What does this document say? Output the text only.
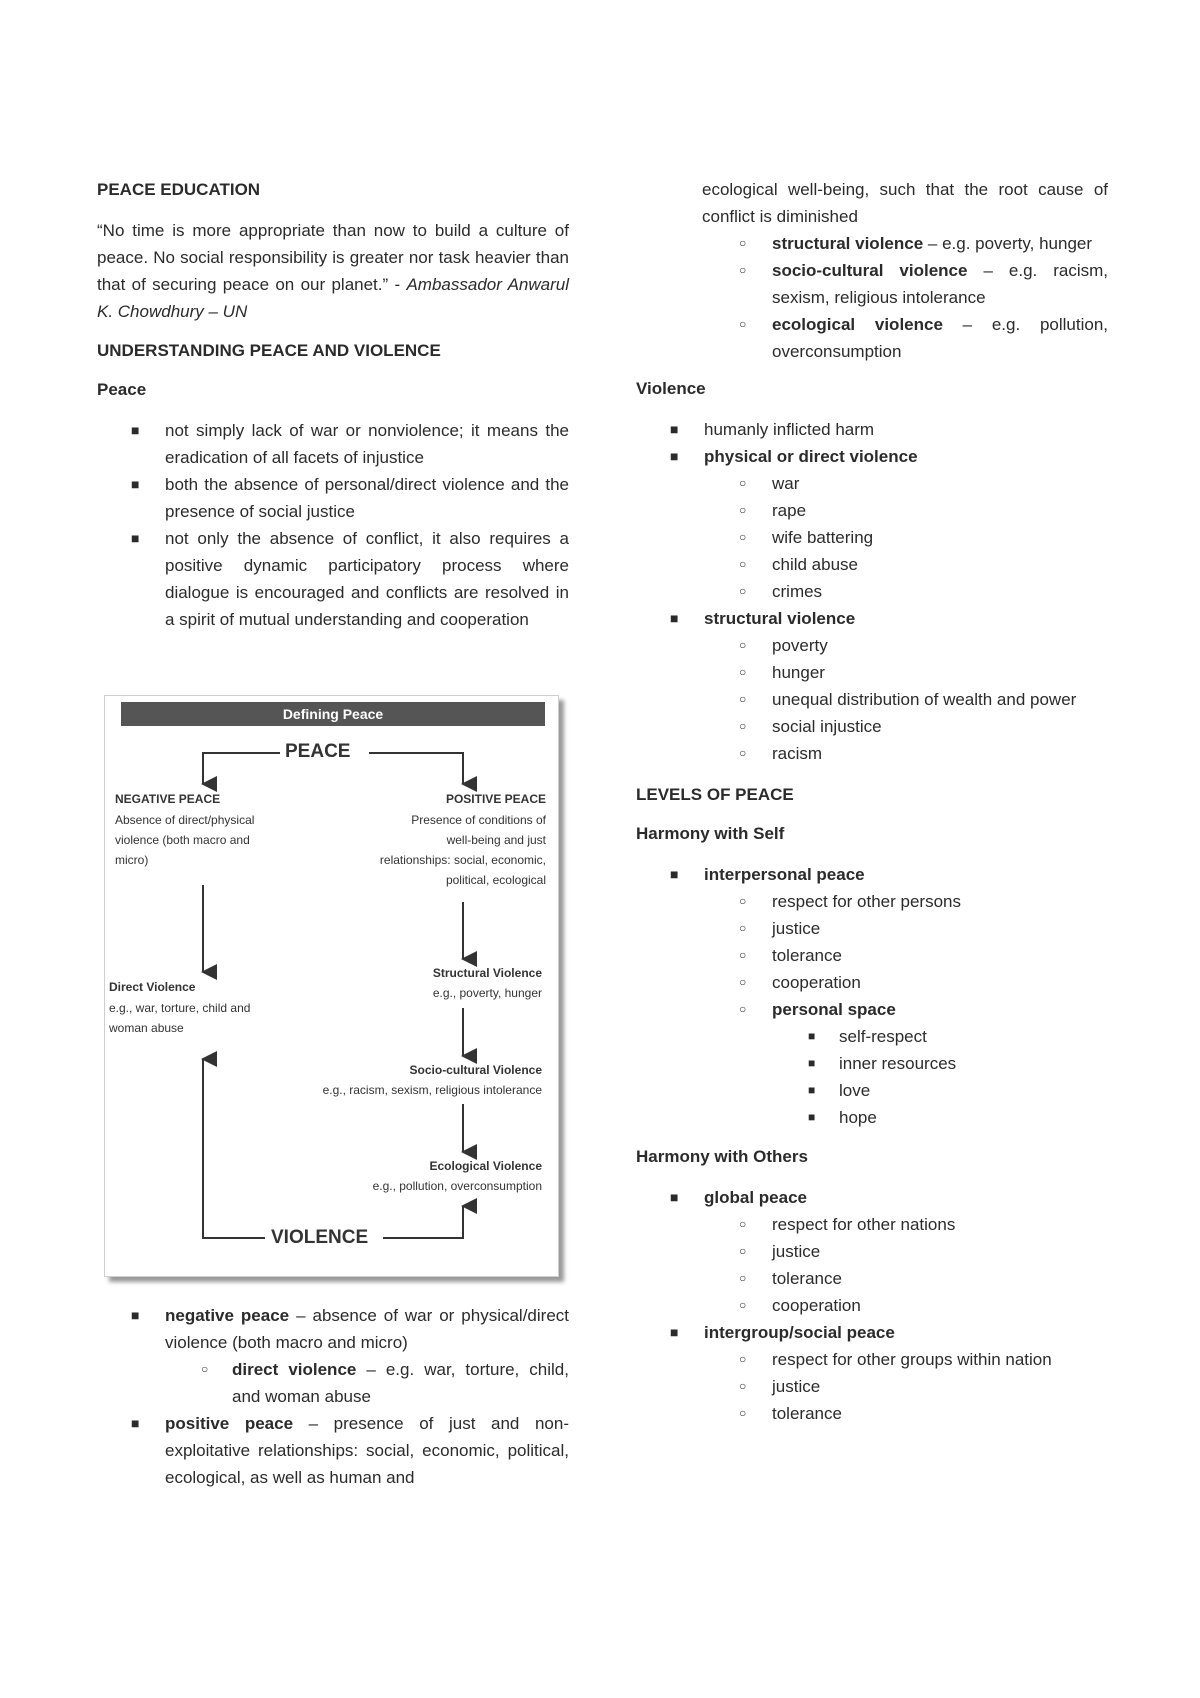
PEACE EDUCATION

“No time is more appropriate than now to build a culture of peace. No social responsibility is greater nor task heavier than that of securing peace on our planet.” - Ambassador Anwarul K. Chowdhury – UN

UNDERSTANDING PEACE AND VIOLENCE

Peace

■ not simply lack of war or nonviolence; it means the eradication of all facets of injustice
■ both the absence of personal/direct violence and the presence of social justice
■ not only the absence of conflict, it also requires a positive dynamic participatory process where dialogue is encouraged and conflicts are resolved in a spirit of mutual understanding and cooperation
Defining Peace
PEACE
NEGATIVE PEACE
Absence of direct/physical
violence (both macro and
micro)
POSITIVE PEACE
Presence of conditions of
well-being and just
relationships: social, economic,
political, ecological
Direct Violence
e.g., war, torture, child and
woman abuse
Structural Violence
e.g., poverty, hunger
Socio-cultural Violence
e.g., racism, sexism, religious intolerance
Ecological Violence
e.g., pollution, overconsumption
VIOLENCE
■ negative peace – absence of war or physical/direct violence (both macro and micro)
○ direct violence – e.g. war, torture, child, and woman abuse
■ positive peace – presence of just and non-exploitative relationships: social, economic, political, ecological, as well as human and

ecological well-being, such that the root cause of conflict is diminished

○ structural violence – e.g. poverty, hunger
○ socio-cultural violence – e.g. racism, sexism, religious intolerance
○ ecological violence – e.g. pollution, overconsumption

Violence

■ humanly inflicted harm
■ physical or direct violence
○ war
○ rape
○ wife battering
○ child abuse
○ crimes
■ structural violence
○ poverty
○ hunger
○ unequal distribution of wealth and power
○ social injustice
○ racism

LEVELS OF PEACE

Harmony with Self

■ interpersonal peace
○ respect for other persons
○ justice
○ tolerance
○ cooperation
○ personal space
■ self-respect
■ inner resources
■ love
■ hope

Harmony with Others

■ global peace
○ respect for other nations
○ justice
○ tolerance
○ cooperation
■ intergroup/social peace
○ respect for other groups within nation
○ justice
○ tolerance
